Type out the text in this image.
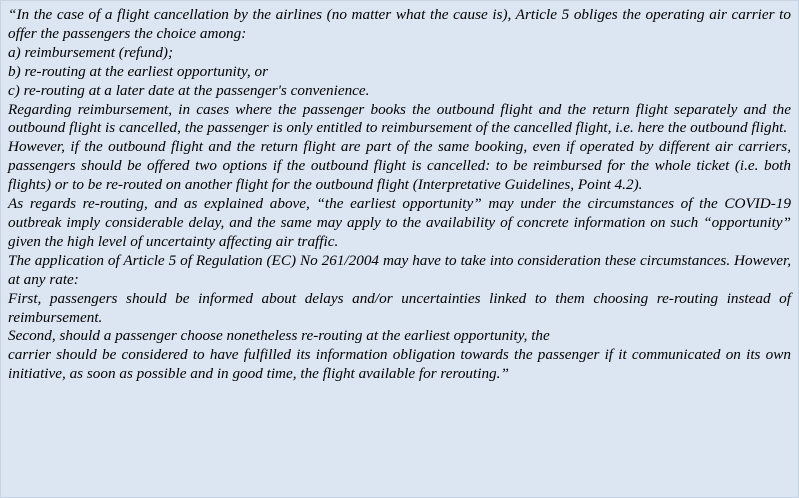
“In the case of a flight cancellation by the airlines (no matter what the cause is), Article 5 obliges the operating air carrier to offer the passengers the choice among:

a) reimbursement (refund);

b) re-routing at the earliest opportunity, or

c) re-routing at a later date at the passenger's convenience.

Regarding reimbursement, in cases where the passenger books the outbound flight and the return flight separately and the outbound flight is cancelled, the passenger is only entitled to reimbursement of the cancelled flight, i.e. here the outbound flight.

However, if the outbound flight and the return flight are part of the same booking, even if operated by different air carriers, passengers should be offered two options if the outbound flight is cancelled: to be reimbursed for the whole ticket (i.e. both flights) or to be re-routed on another flight for the outbound flight (Interpretative Guidelines, Point 4.2).

As regards re-routing, and as explained above, “the earliest opportunity” may under the circumstances of the COVID-19 outbreak imply considerable delay, and the same may apply to the availability of concrete information on such “opportunity” given the high level of uncertainty affecting air traffic.

The application of Article 5 of Regulation (EC) No 261/2004 may have to take into consideration these circumstances. However, at any rate:

First, passengers should be informed about delays and/or uncertainties linked to them choosing re-routing instead of reimbursement.

Second, should a passenger choose nonetheless re-routing at the earliest opportunity, the

carrier should be considered to have fulfilled its information obligation towards the passenger if it communicated on its own initiative, as soon as possible and in good time, the flight available for rerouting.”
